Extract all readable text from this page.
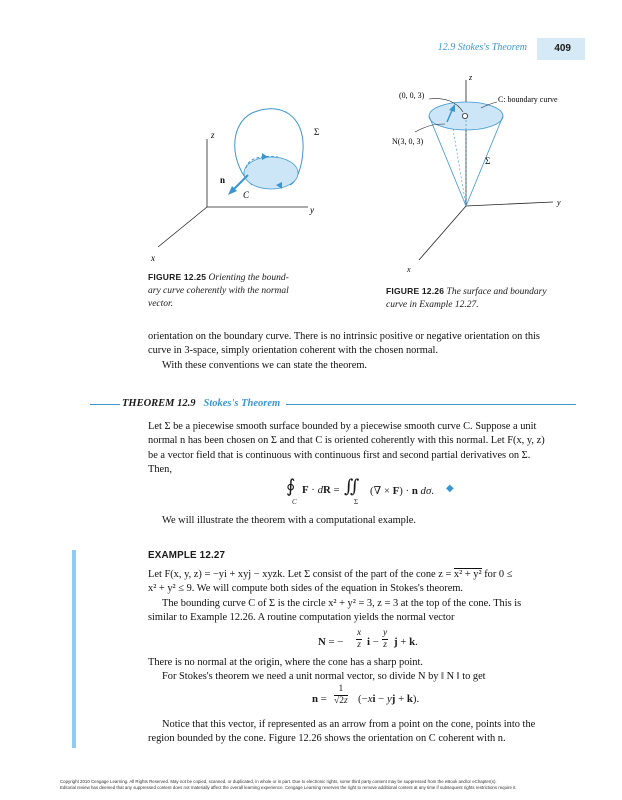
12.9 Stokes's Theorem	409
z
y
x
n
C
Σ
FIGURE 12.25 Orienting the bound-
ary curve coherently with the normal
vector.
z
y
x
(0, 0, 3)
N(3, 0, 3)
C: boundary curve
Σ
FIGURE 12.26 The surface and boundary
curve in Example 12.27.
orientation on the boundary curve. There is no intrinsic positive or negative orientation on this
curve in 3-space, simply orientation coherent with the chosen normal.
With these conventions we can state the theorem.
THEOREM 12.9 Stokes's Theorem
Let Σ be a piecewise smooth surface bounded by a piecewise smooth curve C. Suppose a unit
normal n has been chosen on Σ and that C is oriented coherently with this normal. Let F(x, y, z)
be a vector field that is continuous with continuous first and second partial derivatives on Σ.
Then,
∮
C
F · dR = ∬
Σ
(∇ × F) · n dσ. ◆
We will illustrate the theorem with a computational example.
EXAMPLE 12.27
Let F(x, y, z) = −yi + xyj − xyzk. Let Σ consist of the part of the cone z = x² + y² for 0 ≤
x² + y² ≤ 9. We will compute both sides of the equation in Stokes's theorem.
The bounding curve C of Σ is the circle x² + y² = 3, z = 3 at the top of the cone. This is
similar to Example 12.26. A routine computation yields the normal vector
N = − $\frac{x}{z}$ $i - \frac{y}{z}$ j + k.
There is no normal at the origin, where the cone has a sharp point.
For Stokes's theorem we need a unit normal vector, so divide N by ‖ N ‖ to get
$n = \frac{1}{√2z} (-xi$ − yj + k).
Notice that this vector, if represented as an arrow from a point on the cone, points into the
region bounded by the cone. Figure 12.26 shows the orientation on C coherent with n.
Copyright 2010 Cengage Learning. All Rights Reserved. May not be copied, scanned, or duplicated, in whole or in part. Due to electronic rights, some third party content may be suppressed from the eBook and/or eChapter(s).
Editorial review has deemed that any suppressed content does not materially affect the overall learning experience. Cengage Learning reserves the right to remove additional content at any time if subsequent rights restrictions require it.
